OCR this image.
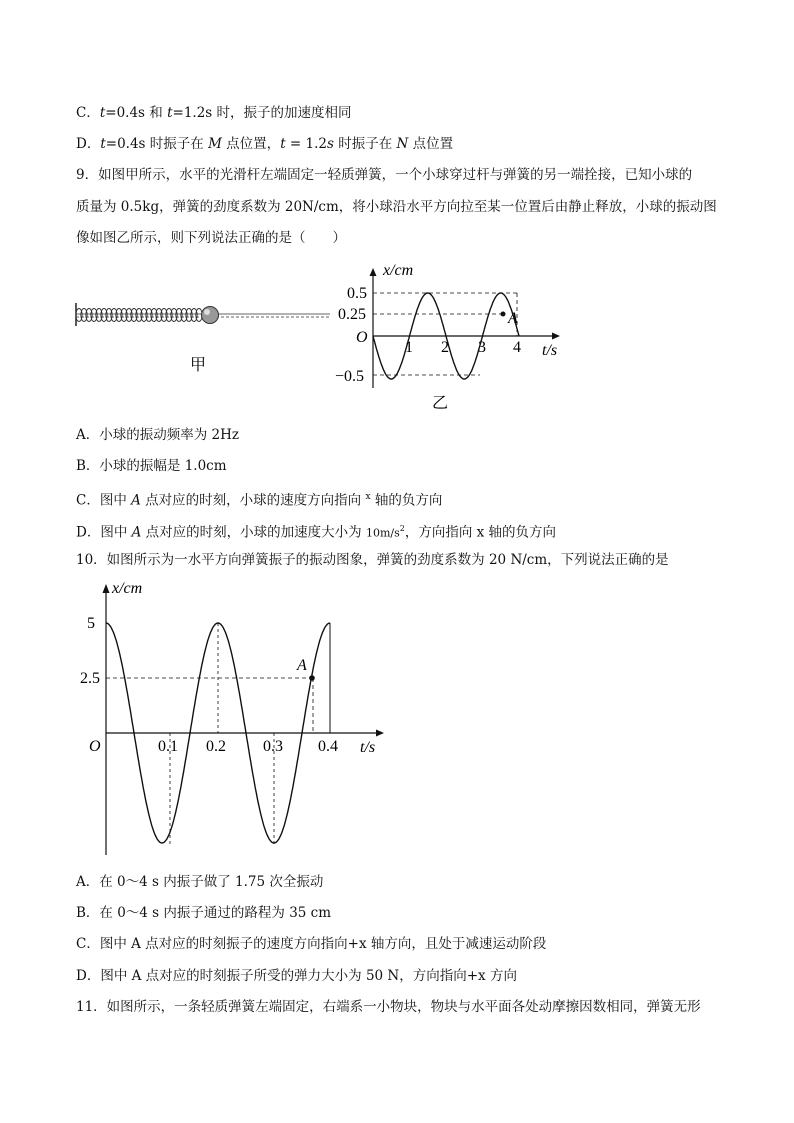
C．t=0.4s 和 t=1.2s 时，振子的加速度相同
D．t=0.4s 时振子在 M 点位置，t = 1.2s 时振子在 N 点位置
9．如图甲所示，水平的光滑杆左端固定一轻质弹簧，一个小球穿过杆与弹簧的另一端拴接，已知小球的
质量为 0.5kg，弹簧的劲度系数为 20N/cm，将小球沿水平方向拉至某一位置后由静止释放，小球的振动图
像如图乙所示，则下列说法正确的是（　　）
甲
x/cm
t/s
O
A
0.5
0.25
−0.5
1 2 3 4
乙
A．小球的振动频率为 2Hz
B．小球的振幅是 1.0cm
C．图中 A 点对应的时刻，小球的速度方向指向 $^x$ 轴的负方向
D．图中 A 点对应的时刻，小球的加速度大小为 $10m/s^2$，方向指向 x 轴的负方向
10．如图所示为一水平方向弹簧振子的振动图象，弹簧的劲度系数为 20 N/cm，下列说法正确的是
x/cm
t/s
O
A
5
2.5
0.1 0.2 0.3 0.4
A．在 0～4 s 内振子做了 1.75 次全振动
B．在 0～4 s 内振子通过的路程为 35 cm
C．图中 A 点对应的时刻振子的速度方向指向+x 轴方向，且处于减速运动阶段
D．图中 A 点对应的时刻振子所受的弹力大小为 50 N，方向指向+x 方向
11．如图所示，一条轻质弹簧左端固定，右端系一小物块，物块与水平面各处动摩擦因数相同，弹簧无形
